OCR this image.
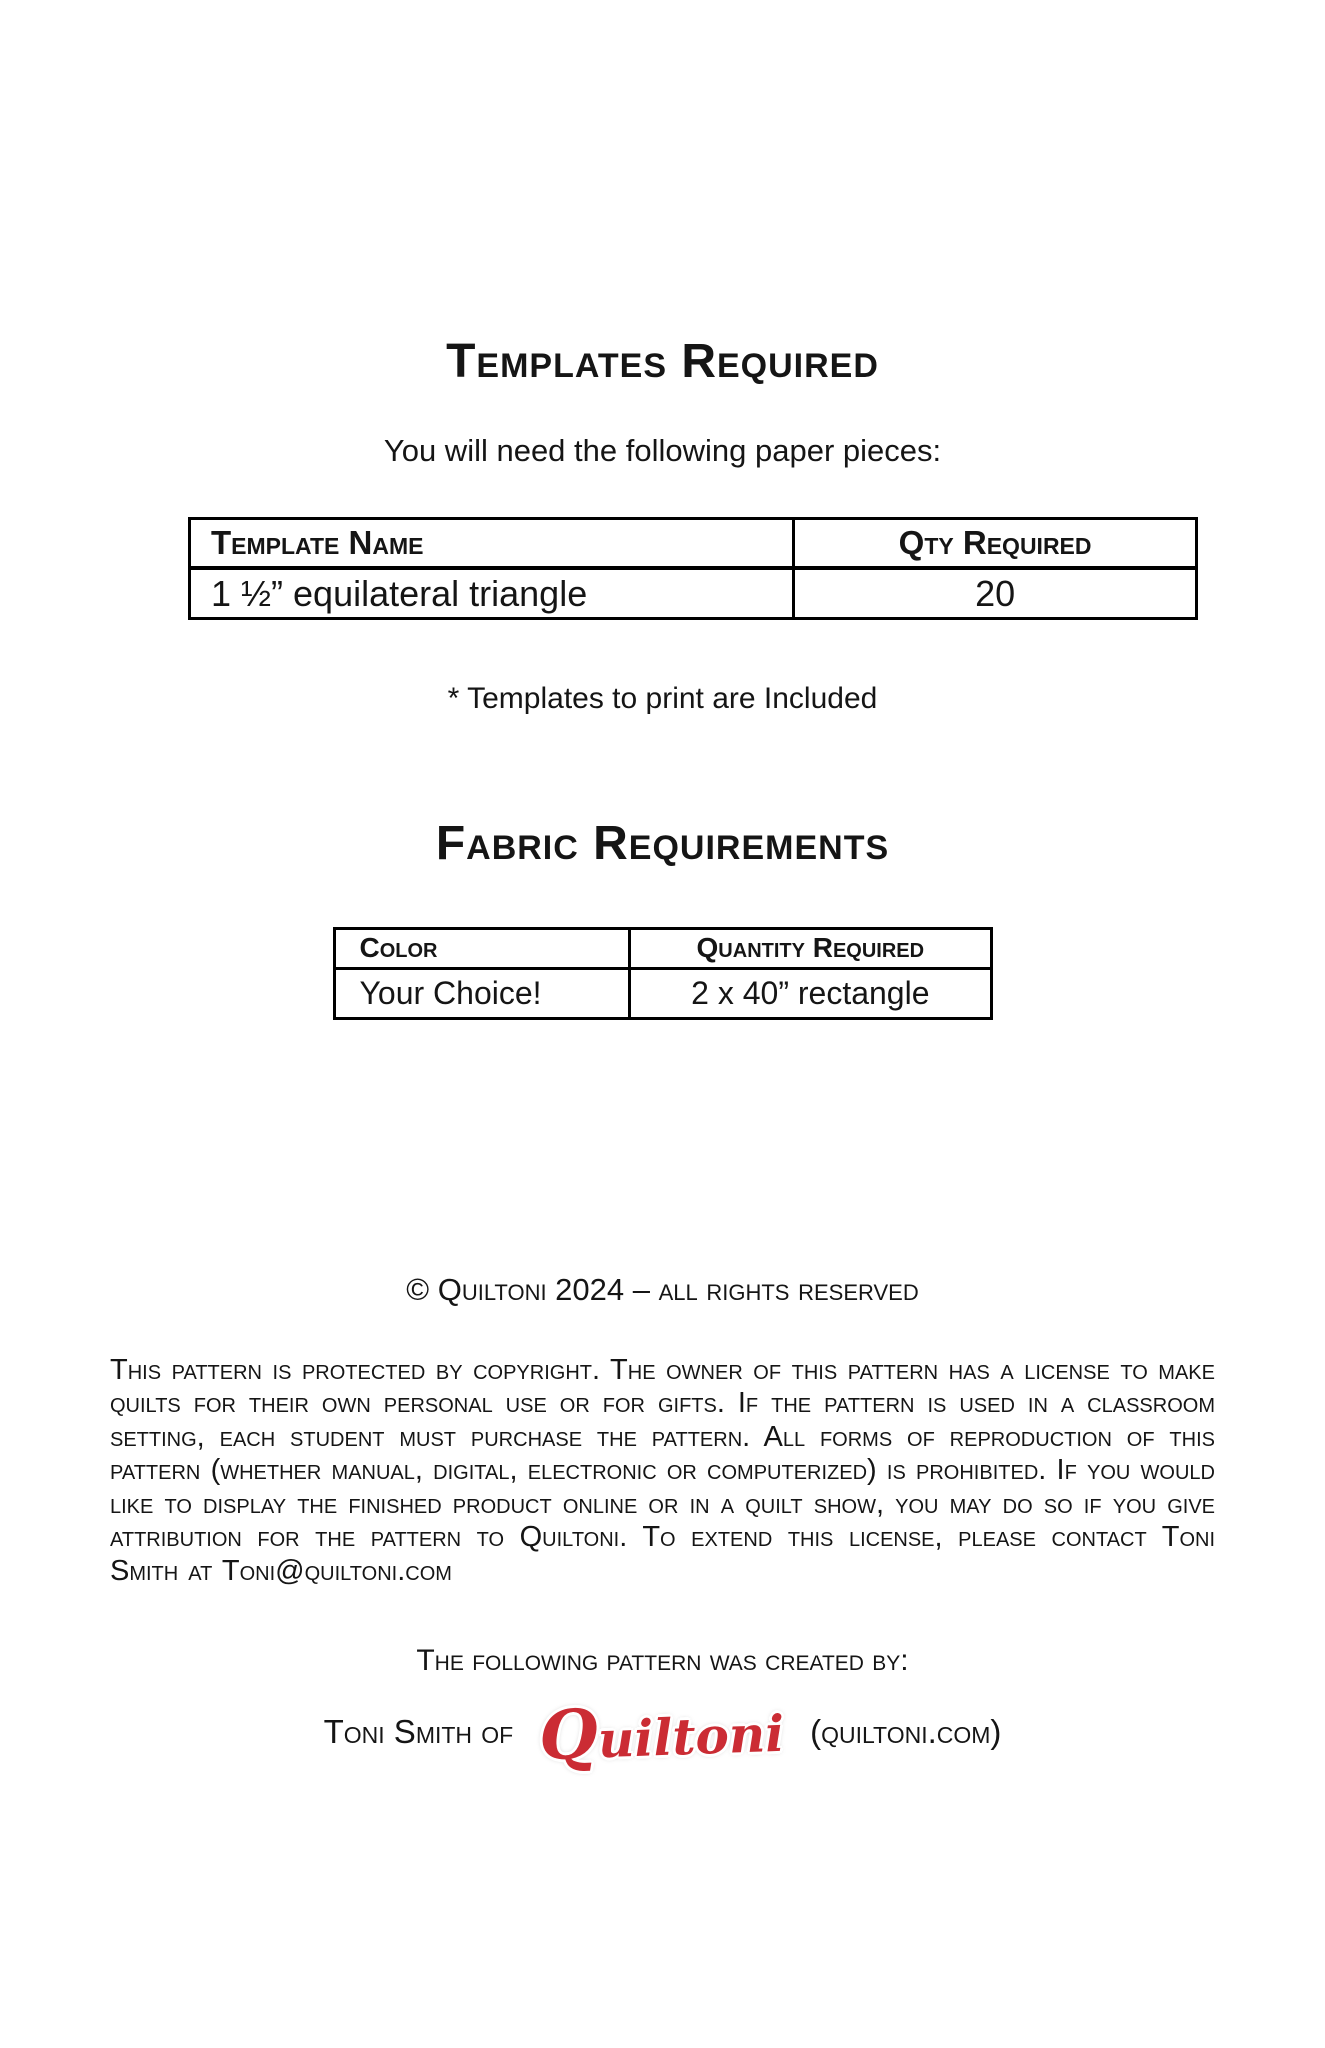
Templates Required
You will need the following paper pieces:
Template Name	Qty Required
1 ½” equilateral triangle	20
* Templates to print are Included
Fabric Requirements
Color	Quantity Required
Your Choice!	2 x 40” rectangle
© Quiltoni 2024 – all rights reserved
This pattern is protected by copyright. The owner of this pattern has a license to make quilts for their own personal use or for gifts. If the pattern is used in a classroom setting, each student must purchase the pattern. All forms of reproduction of this pattern (whether manual, digital, electronic or computerized) is prohibited. If you would like to display the finished product online or in a quilt show, you may do so if you give attribution for the pattern to Quiltoni. To extend this license, please contact Toni Smith at Toni@quiltoni.com
The following pattern was created by:
Toni Smith of Quiltoni (quiltoni.com)
